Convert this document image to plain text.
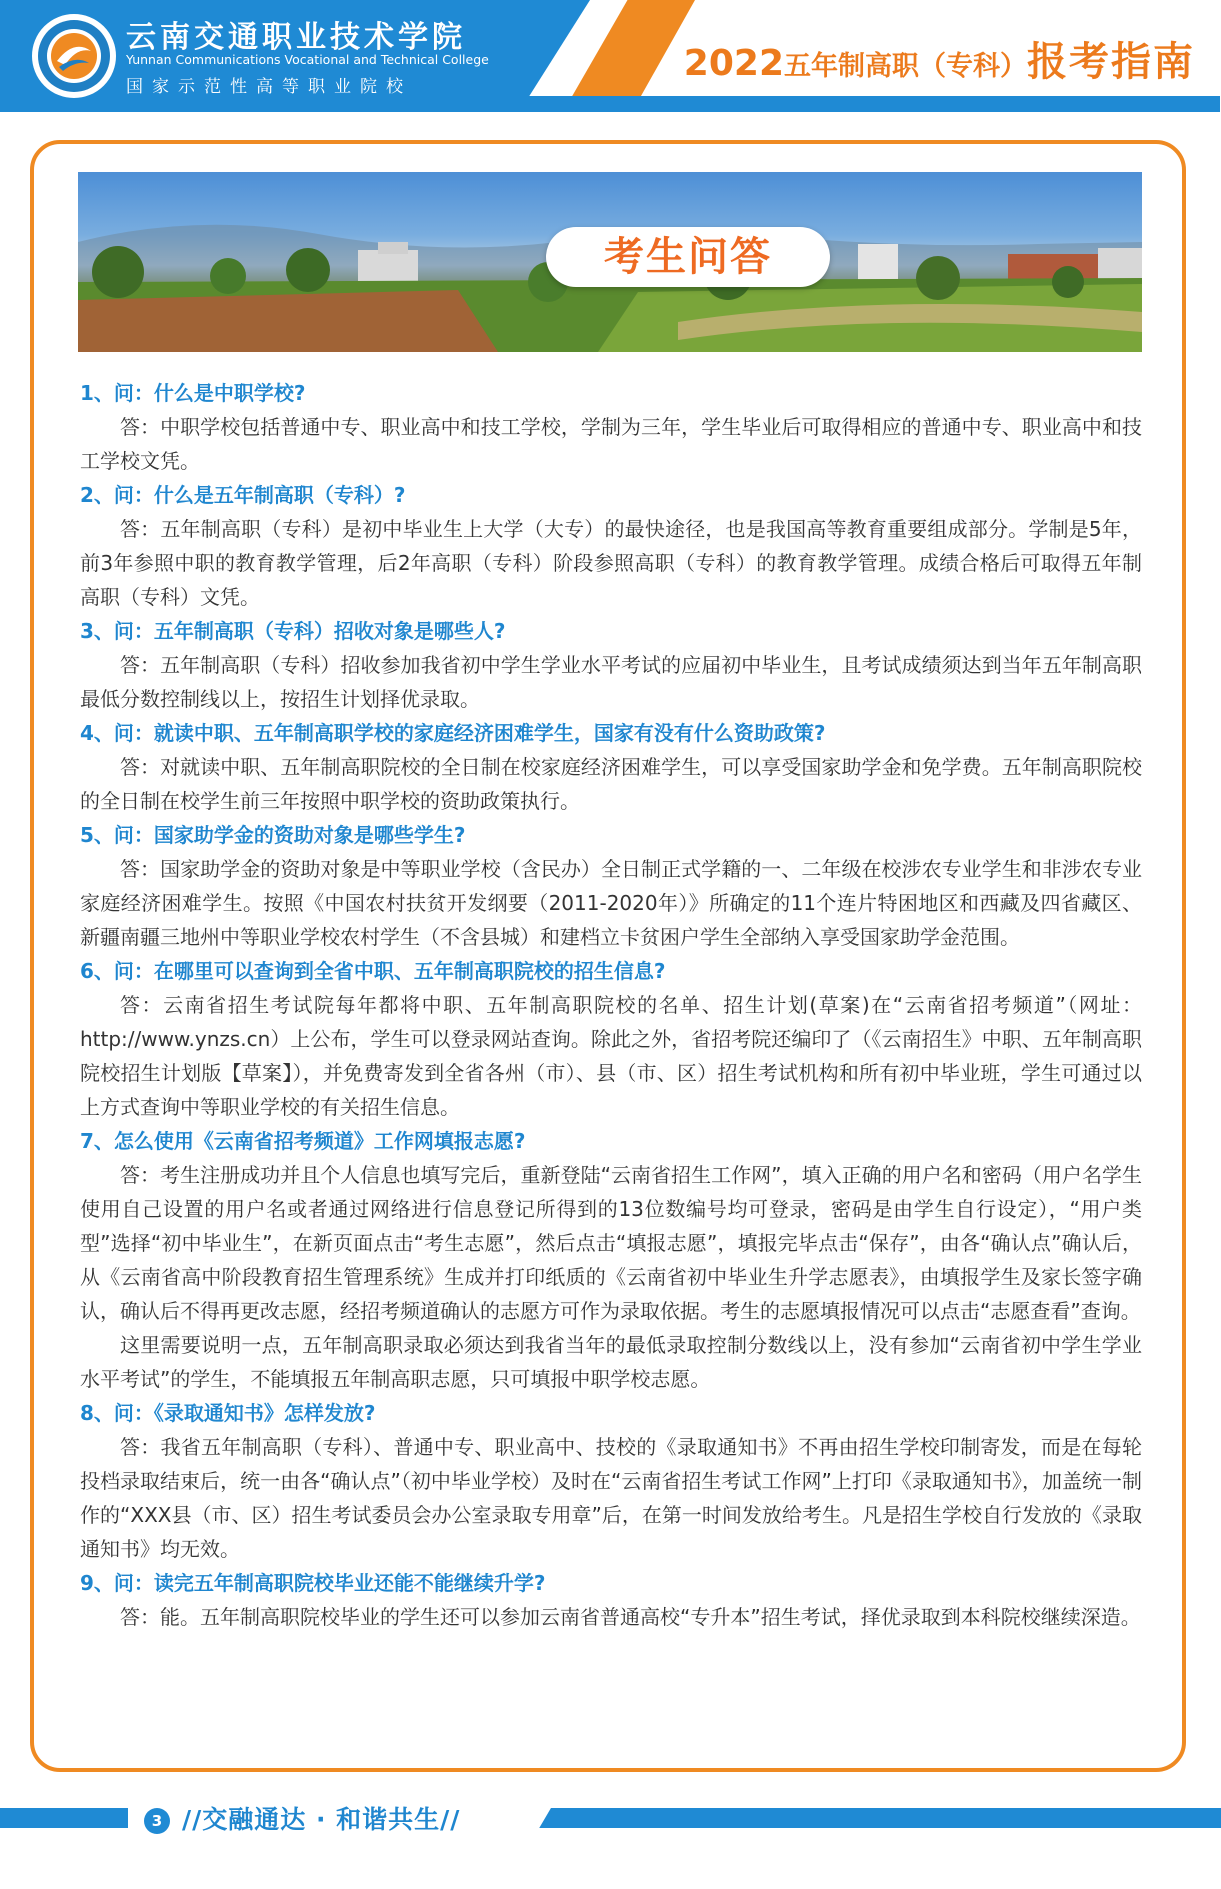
云南交通职业技术学院
Yunnan Communications Vocational and Technical College
国家示范性高等职业院校
2022五年制高职（专科）报考指南
考生问答

1、问：什么是中职学校?

答：中职学校包括普通中专、职业高中和技工学校，学制为三年，学生毕业后可取得相应的普通中专、职业高中和技工学校文凭。

2、问：什么是五年制高职（专科）?

答：五年制高职（专科）是初中毕业生上大学（大专）的最快途径，也是我国高等教育重要组成部分。学制是5年，前3年参照中职的教育教学管理，后2年高职（专科）阶段参照高职（专科）的教育教学管理。成绩合格后可取得五年制高职（专科）文凭。

3、问：五年制高职（专科）招收对象是哪些人?

答：五年制高职（专科）招收参加我省初中学生学业水平考试的应届初中毕业生，且考试成绩须达到当年五年制高职最低分数控制线以上，按招生计划择优录取。

4、问：就读中职、五年制高职学校的家庭经济困难学生，国家有没有什么资助政策?

答：对就读中职、五年制高职院校的全日制在校家庭经济困难学生，可以享受国家助学金和免学费。五年制高职院校的全日制在校学生前三年按照中职学校的资助政策执行。

5、问：国家助学金的资助对象是哪些学生?

答：国家助学金的资助对象是中等职业学校（含民办）全日制正式学籍的一、二年级在校涉农专业学生和非涉农专业家庭经济困难学生。按照《中国农村扶贫开发纲要（2011-2020年）》所确定的11个连片特困地区和西藏及四省藏区、新疆南疆三地州中等职业学校农村学生（不含县城）和建档立卡贫困户学生全部纳入享受国家助学金范围。

6、问：在哪里可以查询到全省中职、五年制高职院校的招生信息?

答：云南省招生考试院每年都将中职、五年制高职院校的名单、招生计划(草案)在“云南省招考频道”（网址：http://www.ynzs.cn）上公布，学生可以登录网站查询。除此之外，省招考院还编印了（《云南招生》中职、五年制高职院校招生计划版【草案】），并免费寄发到全省各州（市）、县（市、区）招生考试机构和所有初中毕业班，学生可通过以上方式查询中等职业学校的有关招生信息。

7、怎么使用《云南省招考频道》工作网填报志愿?

答：考生注册成功并且个人信息也填写完后，重新登陆“云南省招生工作网”，填入正确的用户名和密码（用户名学生使用自己设置的用户名或者通过网络进行信息登记所得到的13位数编号均可登录，密码是由学生自行设定），“用户类型”选择“初中毕业生”，在新页面点击“考生志愿”，然后点击“填报志愿”，填报完毕点击“保存”，由各“确认点”确认后，从《云南省高中阶段教育招生管理系统》生成并打印纸质的《云南省初中毕业生升学志愿表》，由填报学生及家长签字确认，确认后不得再更改志愿，经招考频道确认的志愿方可作为录取依据。考生的志愿填报情况可以点击“志愿查看”查询。

这里需要说明一点，五年制高职录取必须达到我省当年的最低录取控制分数线以上，没有参加“云南省初中学生学业水平考试”的学生，不能填报五年制高职志愿，只可填报中职学校志愿。

8、问：《录取通知书》怎样发放?

答：我省五年制高职（专科）、普通中专、职业高中、技校的《录取通知书》不再由招生学校印制寄发，而是在每轮投档录取结束后，统一由各“确认点”（初中毕业学校）及时在“云南省招生考试工作网”上打印《录取通知书》，加盖统一制作的“XXX县（市、区）招生考试委员会办公室录取专用章”后，在第一时间发放给考生。凡是招生学校自行发放的《录取通知书》均无效。

9、问：读完五年制高职院校毕业还能不能继续升学?

答：能。五年制高职院校毕业的学生还可以参加云南省普通高校“专升本”招生考试，择优录取到本科院校继续深造。

3 //交融通达 · 和谐共生//
